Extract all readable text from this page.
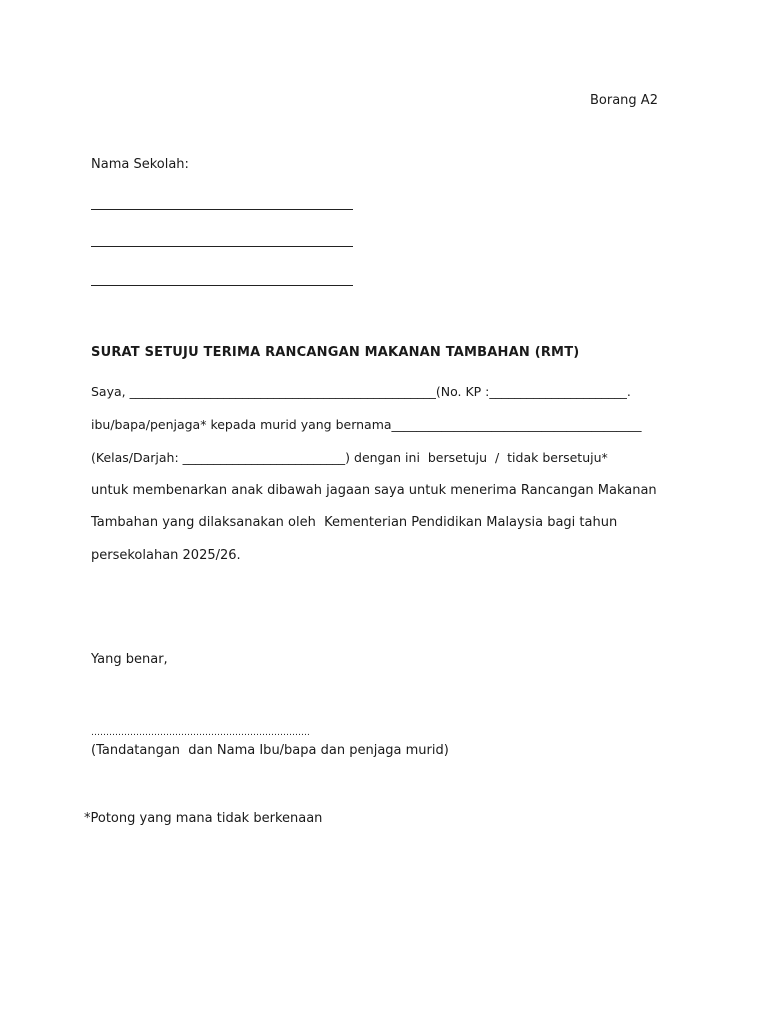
Borang A2
Nama Sekolah:
SURAT SETUJU TERIMA RANCANGAN MAKANAN TAMBAHAN (RMT)
Saya, _________________________________________________(No. KP :______________________.
ibu/bapa/penjaga* kepada murid yang bernama________________________________________
(Kelas/Darjah: __________________________) dengan ini  bersetuju  /  tidak bersetuju*
untuk membenarkan anak dibawah jagaan saya untuk menerima Rancangan Makanan
Tambahan yang dilaksanakan oleh  Kementerian Pendidikan Malaysia bagi tahun
persekolahan 2025/26.
Yang benar,
……………………………………………………………….
(Tandatangan  dan Nama Ibu/bapa dan penjaga murid)
*Potong yang mana tidak berkenaan
